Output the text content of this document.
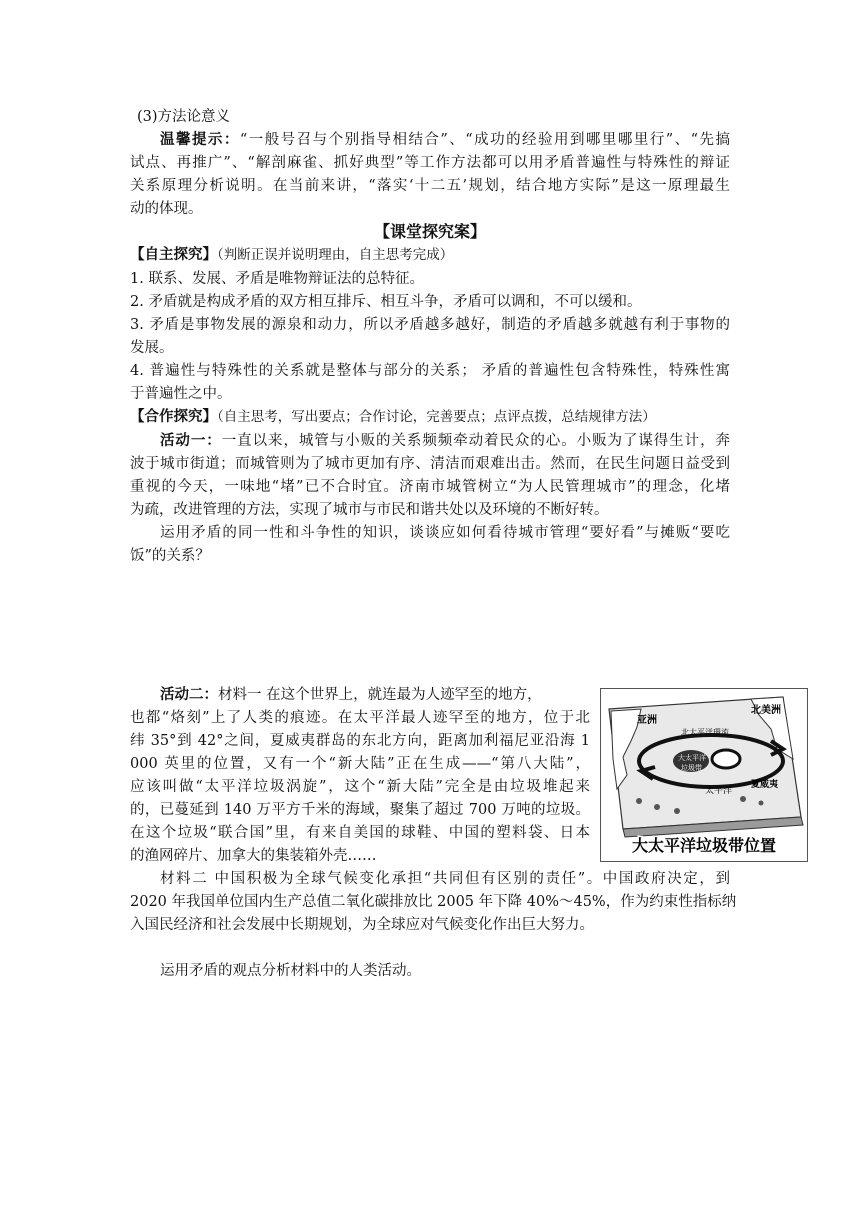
(3)方法论意义

温馨提示：“一般号召与个别指导相结合”、“成功的经验用到哪里哪里行”、“先搞

试点、再推广”、“解剖麻雀、抓好典型”等工作方法都可以用矛盾普遍性与特殊性的辩证

关系原理分析说明。在当前来讲，“落实‘十二五’规划，结合地方实际”是这一原理最生

动的体现。

【课堂探究案】

【自主探究】（判断正误并说明理由，自主思考完成）

1. 联系、发展、矛盾是唯物辩证法的总特征。

2. 矛盾就是构成矛盾的双方相互排斥、相互斗争，矛盾可以调和，不可以缓和。

3. 矛盾是事物发展的源泉和动力，所以矛盾越多越好，制造的矛盾越多就越有利于事物的

发展。

4. 普遍性与特殊性的关系就是整体与部分的关系； 矛盾的普遍性包含特殊性，特殊性寓

于普遍性之中。

【合作探究】（自主思考，写出要点；合作讨论，完善要点；点评点拨，总结规律方法）

活动一：一直以来，城管与小贩的关系频频牵动着民众的心。小贩为了谋得生计，奔

波于城市街道；而城管则为了城市更加有序、清洁而艰难出击。然而，在民生问题日益受到

重视的今天，一味地“堵”已不合时宜。济南市城管树立“为人民管理城市”的理念，化堵

为疏，改进管理的方法，实现了城市与市民和谐共处以及环境的不断好转。

运用矛盾的同一性和斗争性的知识，谈谈应如何看待城市管理“要好看”与摊贩“要吃

饭”的关系？

活动二：材料一 在这个世界上，就连最为人迹罕至的地方，

也都“烙刻”上了人类的痕迹。在太平洋最人迹罕至的地方，位于北

纬 35°到 42°之间，夏威夷群岛的东北方向，距离加利福尼亚沿海 1

000 英里的位置，又有一个“新大陆”正在生成——“第八大陆”，

应该叫做“太平洋垃圾涡旋”，这个“新大陆”完全是由垃圾堆起来

的，已蔓延到 140 万平方千米的海域，聚集了超过 700 万吨的垃圾。

在这个垃圾“联合国”里，有来自美国的球鞋、中国的塑料袋、日本

的渔网碎片、加拿大的集装箱外壳……

材料二 中国积极为全球气候变化承担“共同但有区别的责任”。中国政府决定，到

2020 年我国单位国内生产总值二氧化碳排放比 2005 年下降 40%～45%，作为约束性指标纳

入国民经济和社会发展中长期规划，为全球应对气候变化作出巨大努力。

运用矛盾的观点分析材料中的人类活动。

亚洲
北美洲
北太平洋環流
大太平洋
垃圾带
太平洋
夏威夷
大太平洋垃圾带位置
